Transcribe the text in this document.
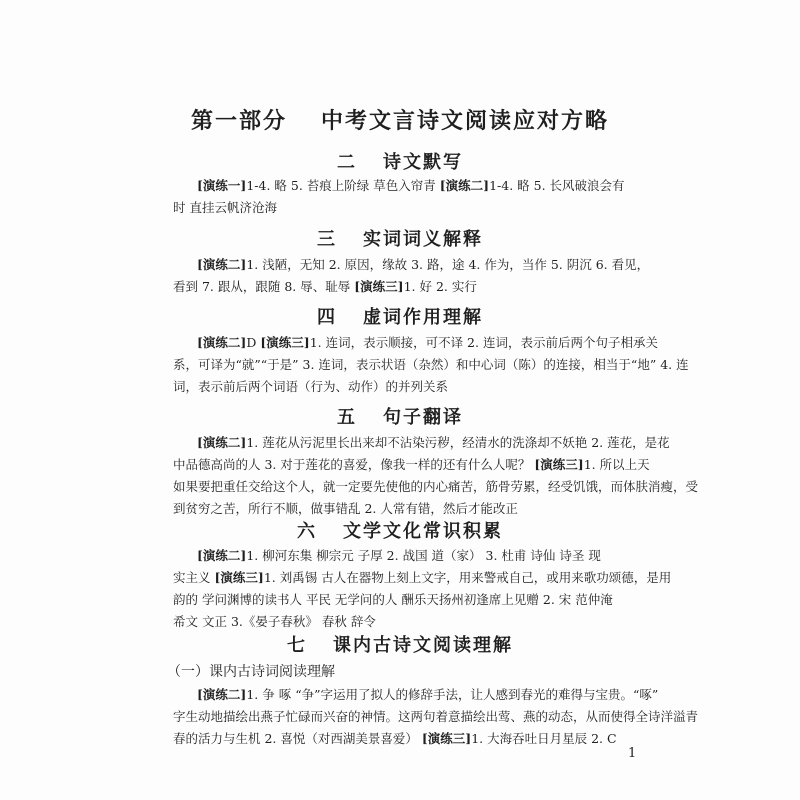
第一部分 中考文言诗文阅读应对方略
二 诗文默写
[演练一]1-4. 略 5. 苔痕上阶绿 草色入帘青 [演练二]1-4. 略 5. 长风破浪会有
时 直挂云帆济沧海
三 实词词义解释
[演练二]1. 浅陋，无知 2. 原因，缘故 3. 路，途 4. 作为，当作 5. 阴沉 6. 看见，
看到 7. 跟从，跟随 8. 辱、耻辱 [演练三]1. 好 2. 实行
四 虚词作用理解
[演练二]D [演练三]1. 连词，表示顺接，可不译 2. 连词，表示前后两个句子相承关
系，可译为“就”“于是” 3. 连词，表示状语（杂然）和中心词（陈）的连接，相当于“地” 4. 连
词，表示前后两个词语（行为、动作）的并列关系
五 句子翻译
[演练二]1. 莲花从污泥里长出来却不沾染污秽，经清水的洗涤却不妖艳 2. 莲花，是花
中品德高尚的人 3. 对于莲花的喜爱，像我一样的还有什么人呢？ [演练三]1. 所以上天
如果要把重任交给这个人，就一定要先使他的内心痛苦，筋骨劳累，经受饥饿，而体肤消瘦，受
到贫穷之苦，所行不顺，做事错乱 2. 人常有错，然后才能改正
六 文学文化常识积累
[演练二]1. 柳河东集 柳宗元 子厚 2. 战国 道（家） 3. 杜甫 诗仙 诗圣 现
实主义 [演练三]1. 刘禹锡 古人在器物上刻上文字，用来警戒自己，或用来歌功颂德，是用
韵的 学问渊博的读书人 平民 无学问的人 酬乐天扬州初逢席上见赠 2. 宋 范仲淹
希文 文正 3.《晏子春秋》 春秋 辞令
七 课内古诗文阅读理解
（一）课内古诗词阅读理解
[演练二]1. 争 啄 “争”字运用了拟人的修辞手法，让人感到春光的难得与宝贵。“啄”
字生动地描绘出燕子忙碌而兴奋的神情。这两句着意描绘出莺、燕的动态，从而使得全诗洋溢青
春的活力与生机 2. 喜悦（对西湖美景喜爱） [演练三]1. 大海吞吐日月星辰 2. C
1
